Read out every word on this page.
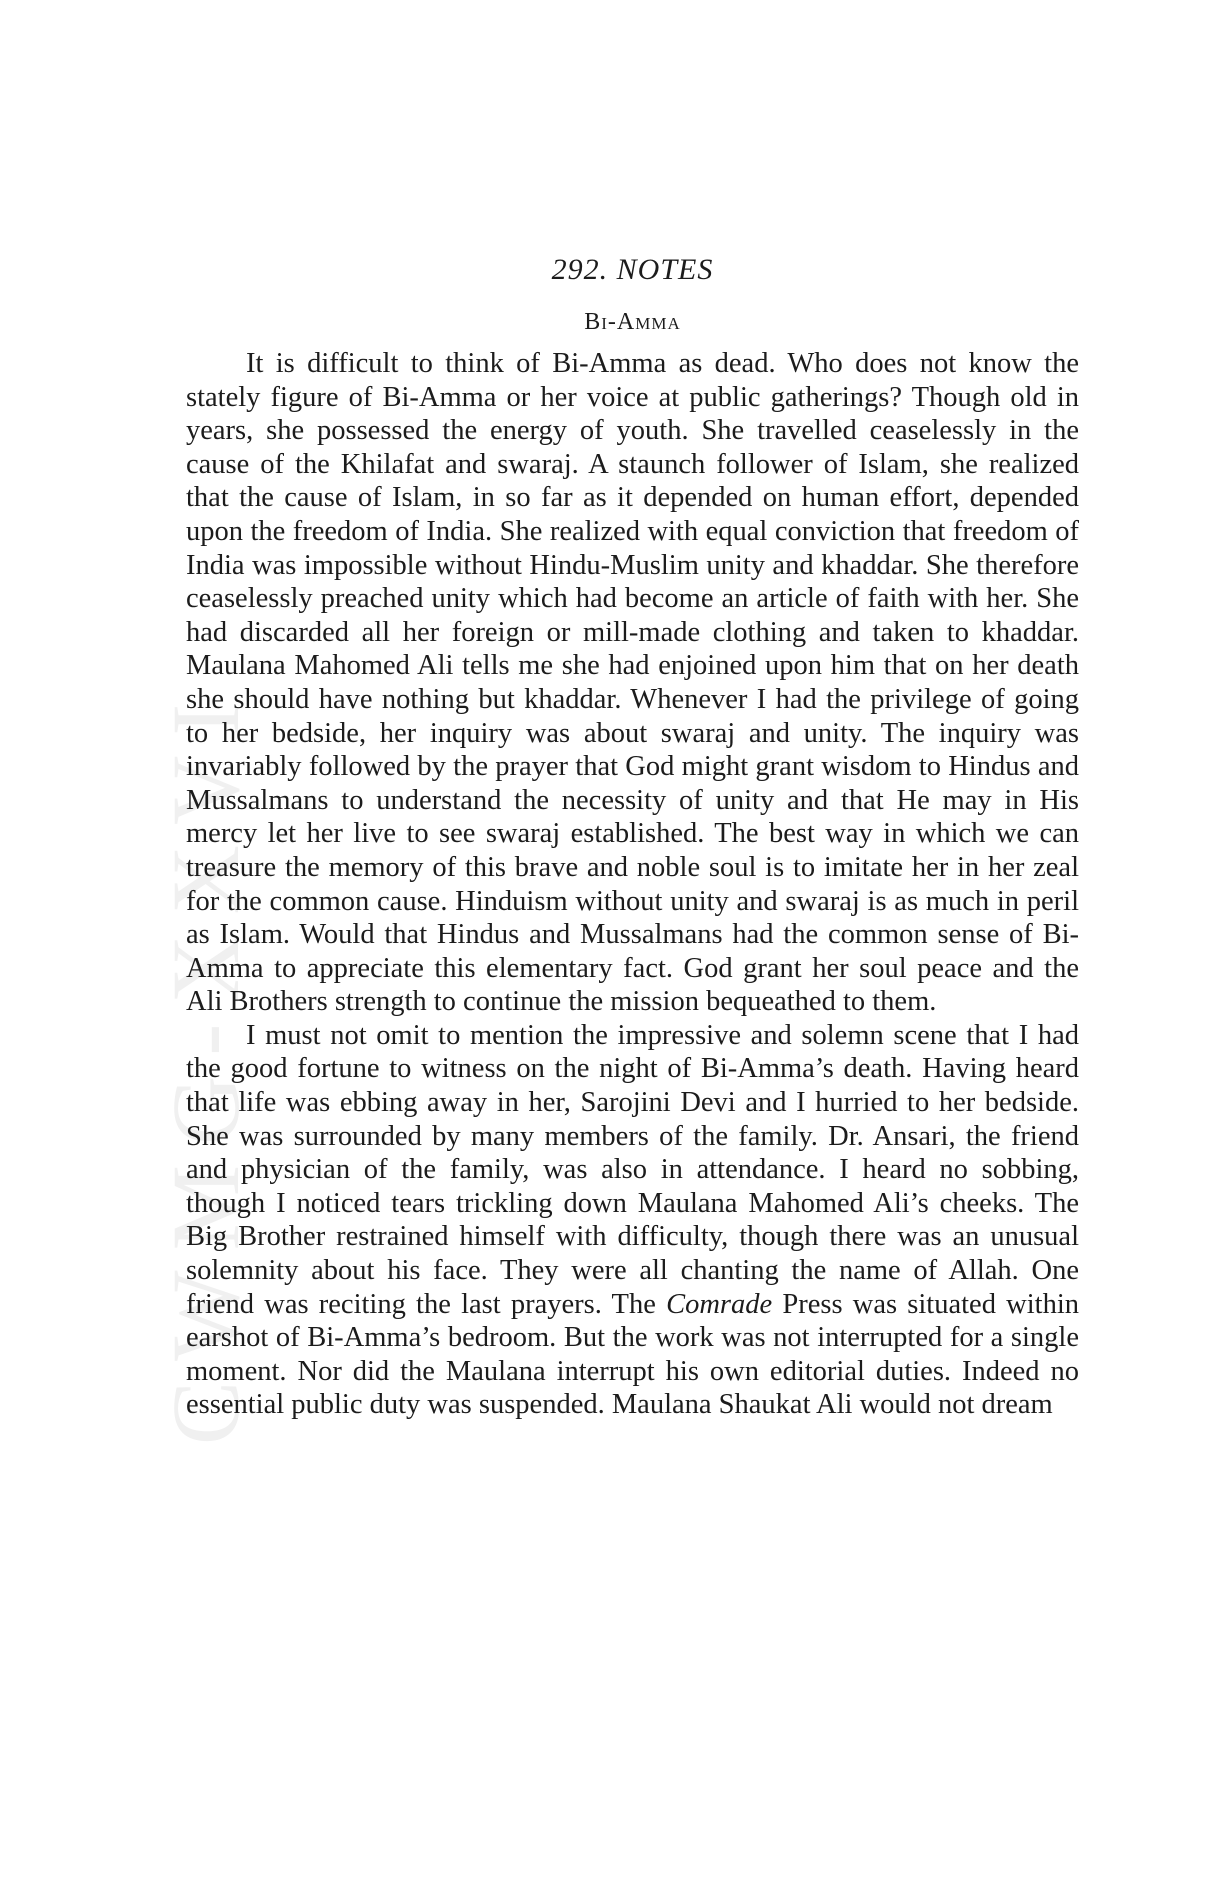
CWMG-XXVI
292. NOTES
Bi-Amma

It is difficult to think of Bi-Amma as dead. Who does not know the stately figure of Bi-Amma or her voice at public gatherings? Though old in years, she possessed the energy of youth. She travelled ceaselessly in the cause of the Khilafat and swaraj. A staunch follower of Islam, she realized that the cause of Islam, in so far as it depended on human effort, depended upon the freedom of India. She realized with equal conviction that freedom of India was impossible without Hindu-Muslim unity and khaddar. She therefore ceaselessly preached unity which had become an article of faith with her. She had discarded all her foreign or mill-made clothing and taken to khaddar. Maulana Mahomed Ali tells me she had enjoined upon him that on her death she should have nothing but khaddar. Whenever I had the privilege of going to her bedside, her inquiry was about swaraj and unity. The inquiry was invariably followed by the prayer that God might grant wisdom to Hindus and Mussalmans to understand the necessity of unity and that He may in His mercy let her live to see swaraj established. The best way in which we can treasure the memory of this brave and noble soul is to imitate her in her zeal for the common cause. Hinduism without unity and swaraj is as much in peril as Islam. Would that Hindus and Mussalmans had the common sense of Bi-Amma to appreciate this elementary fact. God grant her soul peace and the Ali Brothers strength to continue the mission bequeathed to them.

I must not omit to mention the impressive and solemn scene that I had the good fortune to witness on the night of Bi-Amma’s death. Having heard that life was ebbing away in her, Sarojini Devi and I hurried to her bedside. She was surrounded by many members of the family. Dr. Ansari, the friend and physician of the family, was also in attendance. I heard no sobbing, though I noticed tears trickling down Maulana Mahomed Ali’s cheeks. The Big Brother restrained himself with difficulty, though there was an unusual solemnity about his face. They were all chanting the name of Allah. One friend was reciting the last prayers. The Comrade Press was situated within earshot of Bi-Amma’s bedroom. But the work was not interrupted for a single moment. Nor did the Maulana interrupt his own editorial duties. Indeed no essential public duty was suspended. Maulana Shaukat Ali would not dream
